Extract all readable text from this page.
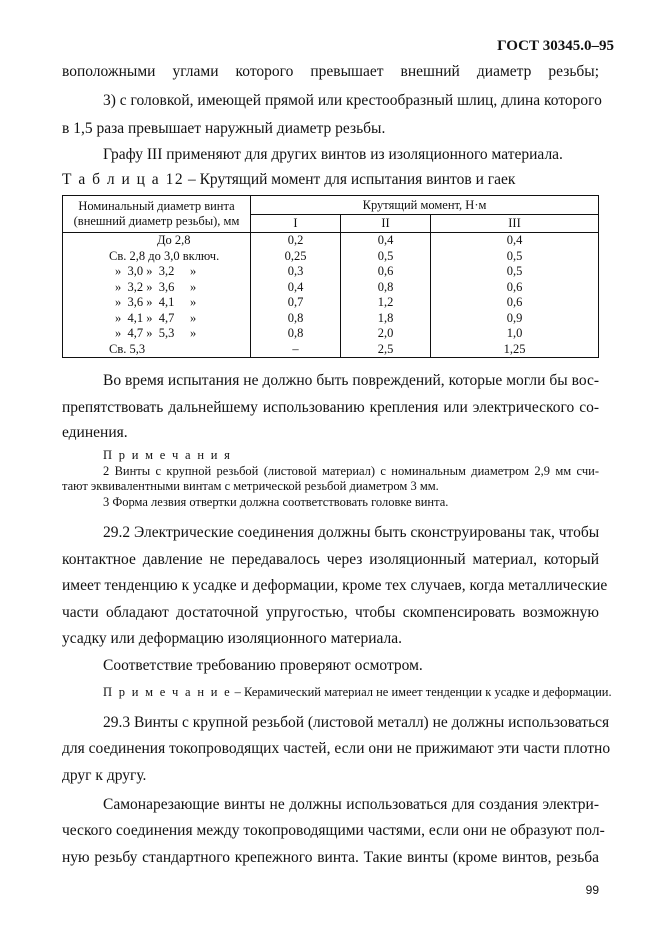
ГОСТ 30345.0–95
воположными углами которого превышает внешний диаметр резьбы;
3) с головкой, имеющей прямой или крестообразный шлиц, длина которого
в 1,5 раза превышает наружный диаметр резьбы.
Графу III применяют для других винтов из изоляционного материала.
Т а б л и ц а 12 – Крутящий момент для испытания винтов и гаек
Номинальный диаметр винта
(внешний диаметр резьбы), мм	Крутящий момент, Н·м		
	I	II	III
До 2,8	0,2	0,4	0,4
Св. 2,8 до 3,0 включ.	0,25	0,5	0,5
»  3,0 »  3,2     »	0,3	0,6	0,5
»  3,2 »  3,6     »	0,4	0,8	0,6
»  3,6 »  4,1     »	0,7	1,2	0,6
»  4,1 »  4,7     »	0,8	1,8	0,9
»  4,7 »  5,3     »	0,8	2,0	1,0
Св. 5,3	–	2,5	1,25
Во время испытания не должно быть повреждений, которые могли бы вос-
препятствовать дальнейшему использованию крепления или электрического со-
единения.
П р и м е ч а н и я
2 Винты с крупной резьбой (листовой материал) с номинальным диаметром 2,9 мм счи-
тают эквивалентными винтам с метрической резьбой диаметром 3 мм.
3 Форма лезвия отвертки должна соответствовать головке винта.
29.2 Электрические соединения должны быть сконструированы так, чтобы
контактное давление не передавалось через изоляционный материал, который
имеет тенденцию к усадке и деформации, кроме тех случаев, когда металлические
части обладают достаточной упругостью, чтобы скомпенсировать возможную
усадку или деформацию изоляционного материала.
Соответствие требованию проверяют осмотром.
П р и м е ч а н и е – Керамический материал не имеет тенденции к усадке и деформации.
29.3 Винты с крупной резьбой (листовой металл) не должны использоваться
для соединения токопроводящих частей, если они не прижимают эти части плотно
друг к другу.
Самонарезающие винты не должны использоваться для создания электри-
ческого соединения между токопроводящими частями, если они не образуют пол-
ную резьбу стандартного крепежного винта. Такие винты (кроме винтов, резьба
99
